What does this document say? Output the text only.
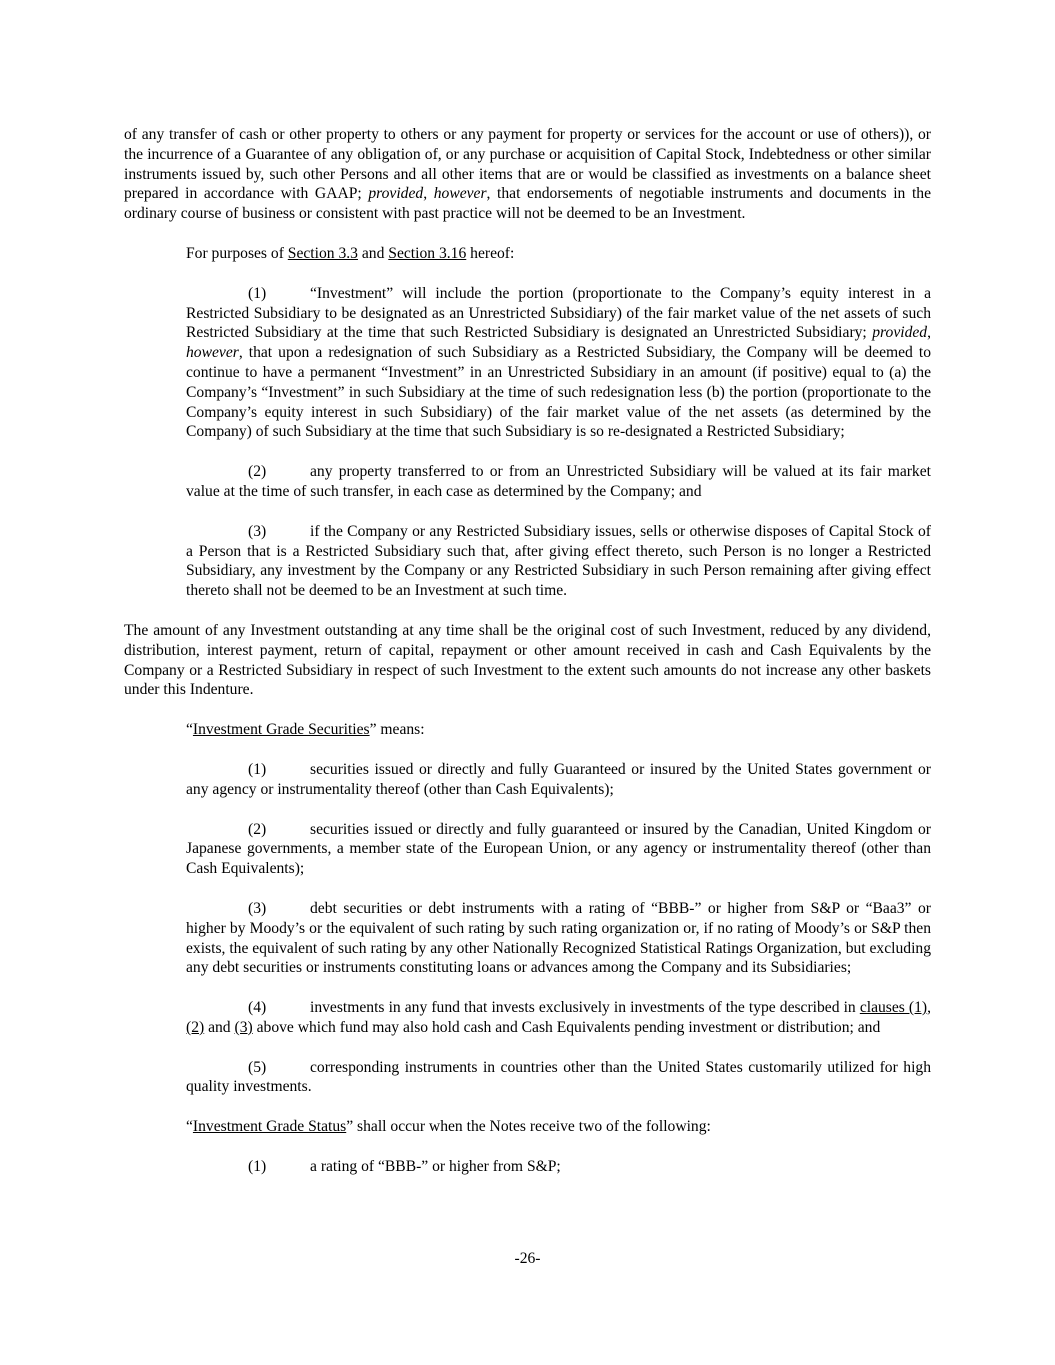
of any transfer of cash or other property to others or any payment for property or services for the account or use of others)), or the incurrence of a Guarantee of any obligation of, or any purchase or acquisition of Capital Stock, Indebtedness or other similar instruments issued by, such other Persons and all other items that are or would be classified as investments on a balance sheet prepared in accordance with GAAP; provided, however, that endorsements of negotiable instruments and documents in the ordinary course of business or consistent with past practice will not be deemed to be an Investment.

For purposes of Section 3.3 and Section 3.16 hereof:

(1)	“Investment” will include the portion (proportionate to the Company’s equity interest in a Restricted Subsidiary to be designated as an Unrestricted Subsidiary) of the fair market value of the net assets of such Restricted Subsidiary at the time that such Restricted Subsidiary is designated an Unrestricted Subsidiary; provided, however, that upon a redesignation of such Subsidiary as a Restricted Subsidiary, the Company will be deemed to continue to have a permanent “Investment” in an Unrestricted Subsidiary in an amount (if positive) equal to (a) the Company’s “Investment” in such Subsidiary at the time of such redesignation less (b) the portion (proportionate to the Company’s equity interest in such Subsidiary) of the fair market value of the net assets (as determined by the Company) of such Subsidiary at the time that such Subsidiary is so re-designated a Restricted Subsidiary;

(2)	any property transferred to or from an Unrestricted Subsidiary will be valued at its fair market value at the time of such transfer, in each case as determined by the Company; and

(3)	if the Company or any Restricted Subsidiary issues, sells or otherwise disposes of Capital Stock of a Person that is a Restricted Subsidiary such that, after giving effect thereto, such Person is no longer a Restricted Subsidiary, any investment by the Company or any Restricted Subsidiary in such Person remaining after giving effect thereto shall not be deemed to be an Investment at such time.

The amount of any Investment outstanding at any time shall be the original cost of such Investment, reduced by any dividend, distribution, interest payment, return of capital, repayment or other amount received in cash and Cash Equivalents by the Company or a Restricted Subsidiary in respect of such Investment to the extent such amounts do not increase any other baskets under this Indenture.

“Investment Grade Securities” means:

(1)	securities issued or directly and fully Guaranteed or insured by the United States government or any agency or instrumentality thereof (other than Cash Equivalents);

(2)	securities issued or directly and fully guaranteed or insured by the Canadian, United Kingdom or Japanese governments, a member state of the European Union, or any agency or instrumentality thereof (other than Cash Equivalents);

(3)	debt securities or debt instruments with a rating of “BBB-” or higher from S&P or “Baa3” or higher by Moody’s or the equivalent of such rating by such rating organization or, if no rating of Moody’s or S&P then exists, the equivalent of such rating by any other Nationally Recognized Statistical Ratings Organization, but excluding any debt securities or instruments constituting loans or advances among the Company and its Subsidiaries;

(4)	investments in any fund that invests exclusively in investments of the type described in clauses (1), (2) and (3) above which fund may also hold cash and Cash Equivalents pending investment or distribution; and

(5)	corresponding instruments in countries other than the United States customarily utilized for high quality investments.

“Investment Grade Status” shall occur when the Notes receive two of the following:

(1)	a rating of “BBB-” or higher from S&P;

-26-
